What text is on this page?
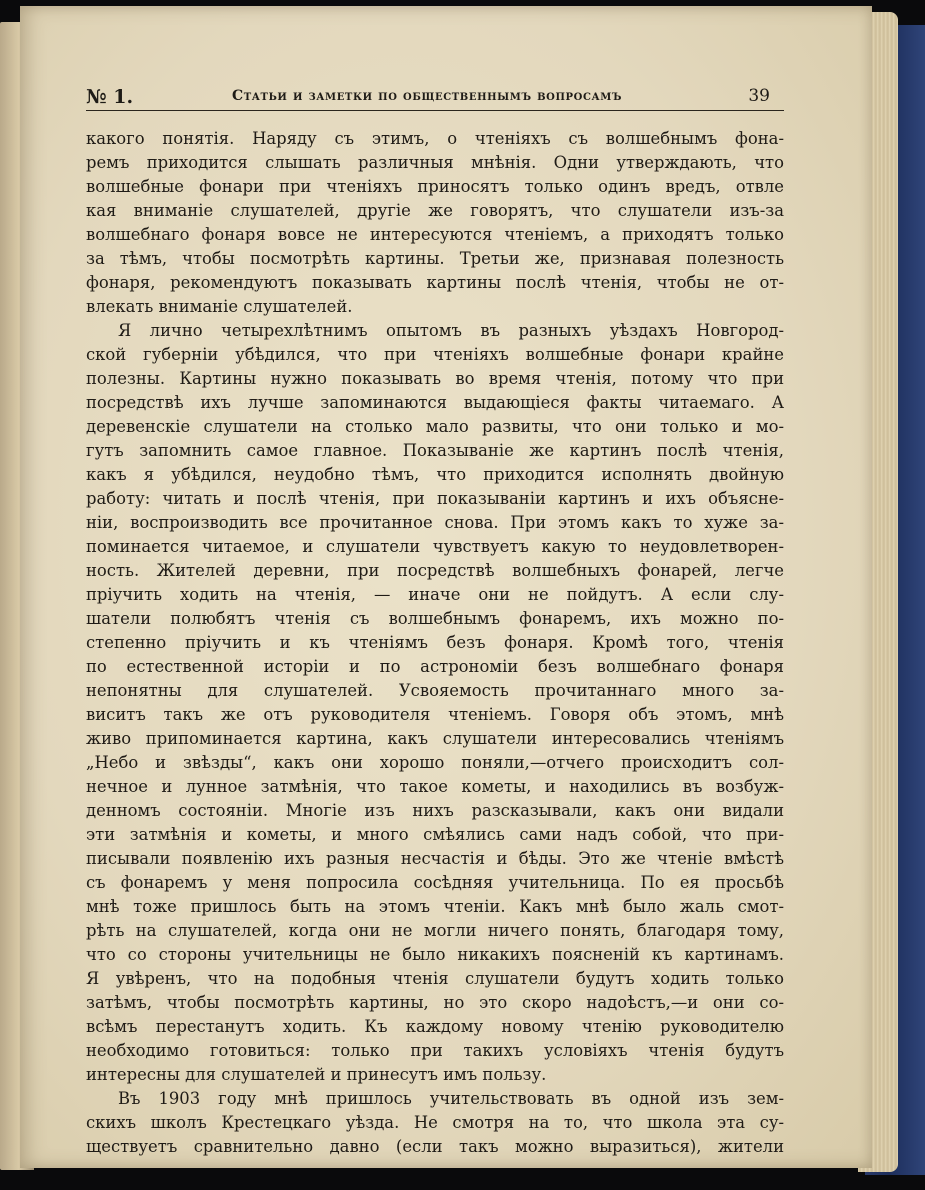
№ 1.	Статьи и заметки по общественнымъ вопросамъ	39
какого понятія. Наряду съ этимъ, о чтеніяхъ съ волшебнымъ фона-
ремъ приходится слышать различныя мнѣнія. Одни утверждають, что
волшебные фонари при чтеніяхъ приносятъ только одинъ вредъ, отвле
кая вниманіе слушателей, другіе же говорятъ, что слушатели изъ-за
волшебнаго фонаря вовсе не интересуются чтеніемъ, а приходятъ только
за тѣмъ, чтобы посмотрѣть картины. Третьи же, признавая полезность
фонаря, рекомендуютъ показывать картины послѣ чтенія, чтобы не от-
влекать вниманіе слушателей.
Я лично четырехлѣтнимъ опытомъ въ разныхъ уѣздахъ Новгород-
ской губерніи убѣдился, что при чтеніяхъ волшебные фонари крайне
полезны. Картины нужно показывать во время чтенія, потому что при
посредствѣ ихъ лучше запоминаются выдающіеся факты читаемаго. А
деревенскіе слушатели на столько мало развиты, что они только и мо-
гутъ запомнить самое главное. Показываніе же картинъ послѣ чтенія,
какъ я убѣдился, неудобно тѣмъ, что приходится исполнять двойную
работу: читать и послѣ чтенія, при показываніи картинъ и ихъ объясне-
ніи, воспроизводить все прочитанное снова. При этомъ какъ то хуже за-
поминается читаемое, и слушатели чувствуетъ какую то неудовлетворен-
ность. Жителей деревни, при посредствѣ волшебныхъ фонарей, легче
пріучить ходить на чтенія, — иначе они не пойдутъ. А если слу-
шатели полюбятъ чтенія съ волшебнымъ фонаремъ, ихъ можно по-
степенно пріучить и къ чтеніямъ безъ фонаря. Кромѣ того, чтенія
по естественной исторіи и по астрономіи безъ волшебнаго фонаря
непонятны для слушателей. Усвояемость прочитаннаго много за-
виситъ такъ же отъ руководителя чтеніемъ. Говоря объ этомъ, мнѣ
живо припоминается картина, какъ слушатели интересовались чтеніямъ
„Небо и звѣзды“, какъ они хорошо поняли,—отчего происходитъ сол-
нечное и лунное затмѣнія, что такое кометы, и находились въ возбуж-
денномъ состояніи. Многіе изъ нихъ разсказывали, какъ они видали
эти затмѣнія и кометы, и много смѣялись сами надъ собой, что при-
писывали появленію ихъ разныя несчастія и бѣды. Это же чтеніе вмѣстѣ
съ фонаремъ у меня попросила сосѣдняя учительница. По ея просьбѣ
мнѣ тоже пришлось быть на этомъ чтеніи. Какъ мнѣ было жаль смот-
рѣть на слушателей, когда они не могли ничего понять, благодаря тому,
что со стороны учительницы не было никакихъ поясненій къ картинамъ.
Я увѣренъ, что на подобныя чтенія слушатели будутъ ходить только
затѣмъ, чтобы посмотрѣть картины, но это скоро надоѣстъ,—и они со-
всѣмъ перестанутъ ходить. Къ каждому новому чтенію руководителю
необходимо готовиться: только при такихъ условіяхъ чтенія будутъ
интересны для слушателей и принесутъ имъ пользу.
Въ 1903 году мнѣ пришлось учительствовать въ одной изъ зем-
скихъ школъ Крестецкаго уѣзда. Не смотря на то, что школа эта су-
ществуетъ сравнительно давно (если такъ можно выразиться), жители
